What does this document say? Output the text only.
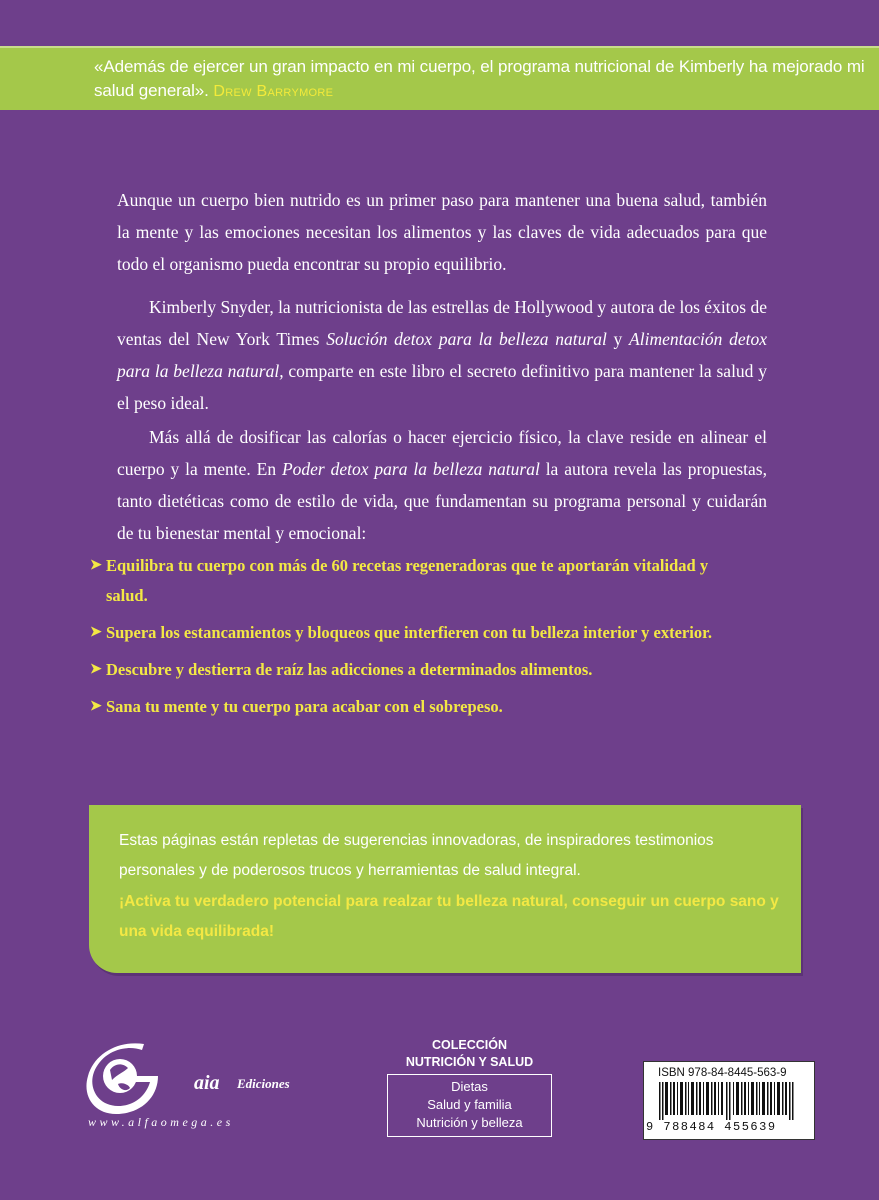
«Además de ejercer un gran impacto en mi cuerpo, el programa nutricional de Kimberly ha mejorado mi salud general». Drew Barrymore

Aunque un cuerpo bien nutrido es un primer paso para mantener una buena salud, también la mente y las emociones necesitan los alimentos y las claves de vida adecuados para que todo el organismo pueda encontrar su propio equilibrio.

Kimberly Snyder, la nutricionista de las estrellas de Hollywood y autora de los éxitos de ventas del New York Times Solución detox para la belleza natural y Alimentación detox para la belleza natural, comparte en este libro el secreto definitivo para mantener la salud y el peso ideal.

Más allá de dosificar las calorías o hacer ejercicio físico, la clave reside en alinear el cuerpo y la mente. En Poder detox para la belleza natural la autora revela las propuestas, tanto dietéticas como de estilo de vida, que fundamentan su programa personal y cuidarán de tu bienestar mental y emocional:

➤ Equilibra tu cuerpo con más de 60 recetas regeneradoras que te aportarán vitalidad y salud.
➤ Supera los estancamientos y bloqueos que interfieren con tu belleza interior y exterior.
➤ Descubre y destierra de raíz las adicciones a determinados alimentos.
➤ Sana tu mente y tu cuerpo para acabar con el sobrepeso.

Estas páginas están repletas de sugerencias innovadoras, de inspiradores testimonios personales y de poderosos trucos y herramientas de salud integral.

¡Activa tu verdadero potencial para realzar tu belleza natural, conseguir un cuerpo sano y una vida equilibrada!

aia Ediciones
www.alfaomega.es
COLECCIÓN
NUTRICIÓN Y SALUD
Dietas
Salud y familia
Nutrición y belleza
ISBN 978-84-8445-563-9
9 788484 455639
